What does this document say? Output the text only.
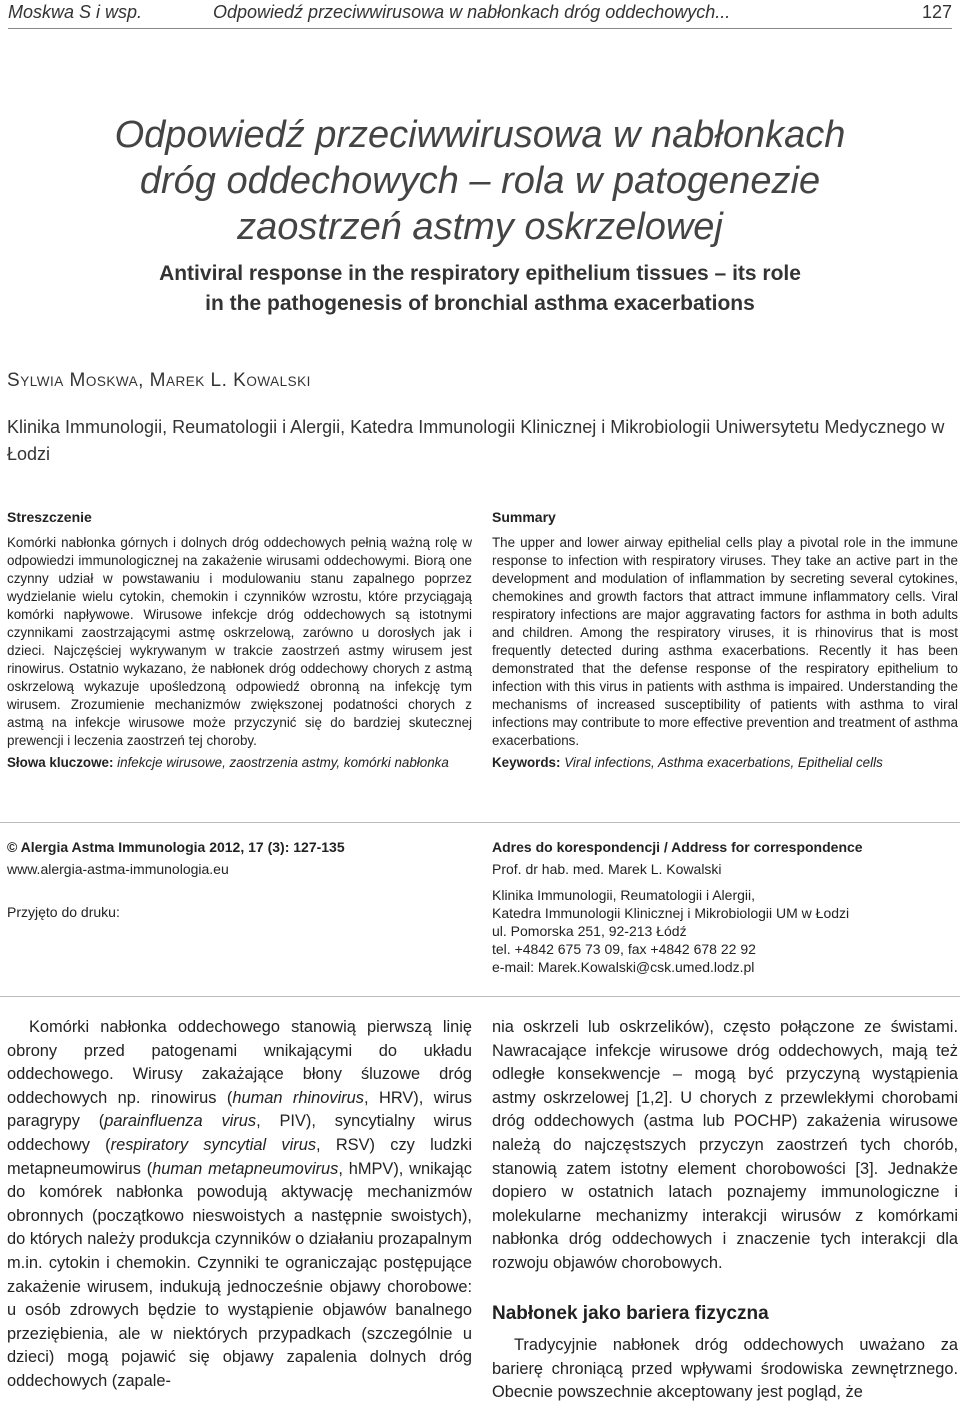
Moskwa S i wsp.	Odpowiedź przeciwwirusowa w nabłonkach dróg oddechowych...	127
Odpowiedź przeciwwirusowa w nabłonkach
dróg oddechowych – rola w patogenezie
zaostrzeń astmy oskrzelowej
Antiviral response in the respiratory epithelium tissues – its role
in the pathogenesis of bronchial asthma exacerbations
SYLWIA MOSKWA, MAREK L. KOWALSKI
Klinika Immunologii, Reumatologii i Alergii, Katedra Immunologii Klinicznej i Mikrobiologii Uniwersytetu Medycznego w Łodzi
Streszczenie
Komórki nabłonka górnych i dolnych dróg oddechowych pełnią ważną rolę w odpowiedzi immunologicznej na zakażenie wirusami oddechowymi. Biorą one czynny udział w powstawaniu i modulowaniu stanu zapalnego poprzez wydzielanie wielu cytokin, chemokin i czynników wzrostu, które przyciągają komórki napływowe. Wirusowe infekcje dróg oddechowych są istotnymi czynnikami zaostrzającymi astmę oskrzelową, zarówno u dorosłych jak i dzieci. Najczęściej wykrywanym w trakcie zaostrzeń astmy wirusem jest rinowirus. Ostatnio wykazano, że nabłonek dróg oddechowy chorych z astmą oskrzelową wykazuje upośledzoną odpowiedź obronną na infekcję tym wirusem. Zrozumienie mechanizmów zwiększonej podatności chorych z astmą na infekcje wirusowe może przyczynić się do bardziej skutecznej prewencji i leczenia zaostrzeń tej choroby.
Słowa kluczowe: infekcje wirusowe, zaostrzenia astmy, komórki nabłonka
Summary
The upper and lower airway epithelial cells play a pivotal role in the immune response to infection with respiratory viruses. They take an active part in the development and modulation of inflammation by secreting several cytokines, chemokines and growth factors that attract immune inflammatory cells. Viral respiratory infections are major aggravating factors for asthma in both adults and children. Among the respiratory viruses, it is rhinovirus that is most frequently detected during asthma exacerbations. Recently it has been demonstrated that the defense response of the respiratory epithelium to infection with this virus in patients with asthma is impaired. Understanding the mechanisms of increased susceptibility of patients with asthma to viral infections may contribute to more effective prevention and treatment of asthma exacerbations.
Keywords: Viral infections, Asthma exacerbations, Epithelial cells
© Alergia Astma Immunologia 2012, 17 (3): 127-135
www.alergia-astma-immunologia.eu
Przyjęto do druku:
Adres do korespondencji / Address for correspondence
Prof. dr hab. med. Marek L. Kowalski
Klinika Immunologii, Reumatologii i Alergii,
Katedra Immunologii Klinicznej i Mikrobiologii UM w Łodzi
ul. Pomorska 251, 92-213 Łódź
tel. +4842 675 73 09, fax +4842 678 22 92
e-mail: Marek.Kowalski@csk.umed.lodz.pl
Komórki nabłonka oddechowego stanowią pierwszą linię obrony przed patogenami wnikającymi do układu oddechowego. Wirusy zakażające błony śluzowe dróg oddechowych np. rinowirus (human rhinovirus, HRV), wirus paragrypy (parainfluenza virus, PIV), syncytialny wirus oddechowy (respiratory syncytial virus, RSV) czy ludzki metapneumowirus (human metapneumovirus, hMPV), wnikając do komórek nabłonka powodują aktywację mechanizmów obronnych (początkowo nieswoistych a następnie swoistych), do których należy produkcja czynników o działaniu prozapalnym m.in. cytokin i chemokin. Czynniki te ograniczając postępujące zakażenie wirusem, indukują jednocześnie objawy chorobowe: u osób zdrowych będzie to wystąpienie objawów banalnego przeziębienia, ale w niektórych przypadkach (szczególnie u dzieci) mogą pojawić się objawy zapalenia dolnych dróg oddechowych (zapale-
nia oskrzeli lub oskrzelików), często połączone ze świstami. Nawracające infekcje wirusowe dróg oddechowych, mają też odległe konsekwencje – mogą być przyczyną wystąpienia astmy oskrzelowej [1,2]. U chorych z przewlekłymi chorobami dróg oddechowych (astma lub POCHP) zakażenia wirusowe należą do najczęstszych przyczyn zaostrzeń tych chorób, stanowią zatem istotny element chorobowości [3]. Jednakże dopiero w ostatnich latach poznajemy immunologiczne i molekularne mechanizmy interakcji wirusów z komórkami nabłonka dróg oddechowych i znaczenie tych interakcji dla rozwoju objawów chorobowych.
Nabłonek jako bariera fizyczna
Tradycyjnie nabłonek dróg oddechowych uważano za barierę chroniącą przed wpływami środowiska zewnętrznego. Obecnie powszechnie akceptowany jest pogląd, że
